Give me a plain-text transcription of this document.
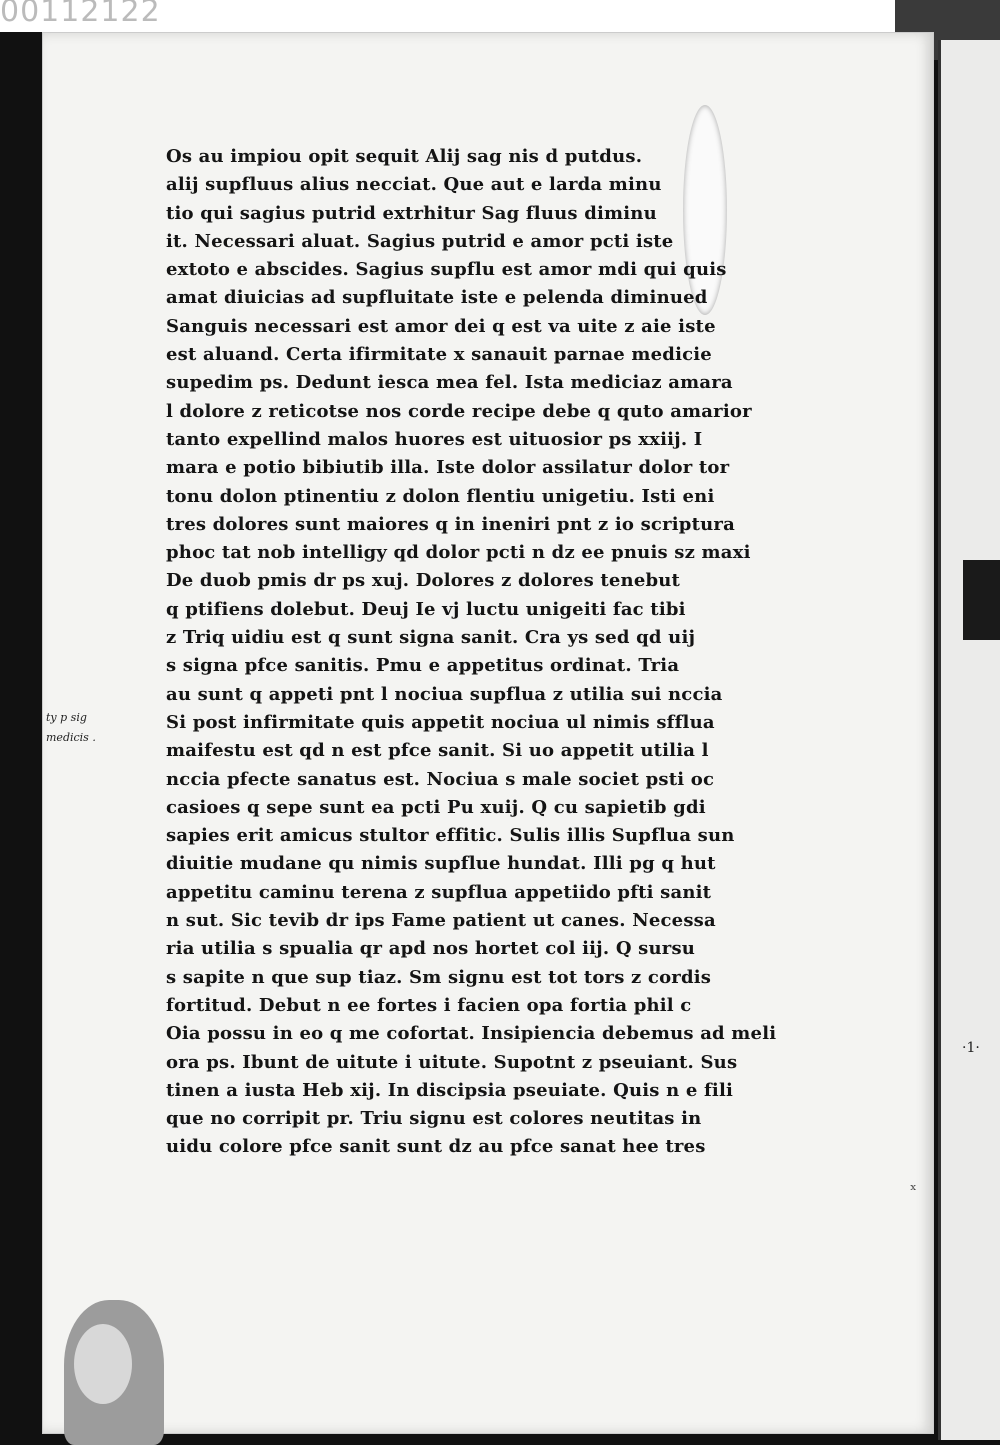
00112122
Os au impiou opit sequit Alij sag nis d putdus.
alij supfluus alius necciat. Que aut e larda minu
tio qui sagius putrid extrhitur Sag fluus diminu
it. Necessari aluat. Sagius putrid e amor pcti iste
extoto e abscides. Sagius supflu est amor mdi qui quis
amat diuicias ad supfluitate iste e pelenda diminued
Sanguis necessari est amor dei q est va uite z aie iste
est aluand. Certa ifirmitate x sanauit parnae medicie
supedim ps. Dedunt iesca mea fel. Ista mediciaz amara
l dolore z reticotse nos corde recipe debe q quto amarior
tanto expellind malos huores est uituosior ps xxiij. I
mara e potio bibiutib illa. Iste dolor assilatur dolor tor
tonu dolon ptinentiu z dolon flentiu unigetiu. Isti eni
tres dolores sunt maiores q in ineniri pnt z io scriptura
phoc tat nob intelligy qd dolor pcti n dz ee pnuis sz maxi
De duob pmis dr ps xuj. Dolores z dolores tenebut
q ptifiens dolebut. Deuj Ie vj luctu unigeiti fac tibi
z Triq uidiu est q sunt signa sanit. Cra ys sed qd uij
s signa pfce sanitis. Pmu e appetitus ordinat. Tria
au sunt q appeti pnt l nociua supflua z utilia sui nccia
Si post infirmitate quis appetit nociua ul nimis sfflua
maifestu est qd n est pfce sanit. Si uo appetit utilia l
nccia pfecte sanatus est. Nociua s male societ psti oc
casioes q sepe sunt ea pcti Pu xuij. Q cu sapietib gdi
sapies erit amicus stultor effitic. Sulis illis Supflua sun
diuitie mudane qu nimis supflue hundat. Illi pg q hut
appetitu caminu terena z supflua appetiido pfti sanit
n sut. Sic tevib dr ips Fame patient ut canes. Necessa
ria utilia s spualia qr apd nos hortet col iij. Q sursu
s sapite n que sup tiaz. Sm signu est tot tors z cordis
fortitud. Debut n ee fortes i facien opa fortia phil c
Oia possu in eo q me cofortat. Insipiencia debemus ad meli
ora ps. Ibunt de uitute i uitute. Supotnt z pseuiant. Sus
tinen a iusta Heb xij. In discipsia pseuiate. Quis n e fili
que no corripit pr. Triu signu est colores neutitas in
uidu colore pfce sanit sunt dz au pfce sanat hee tres
ty p sig
medicis .
·1·
ˣ
